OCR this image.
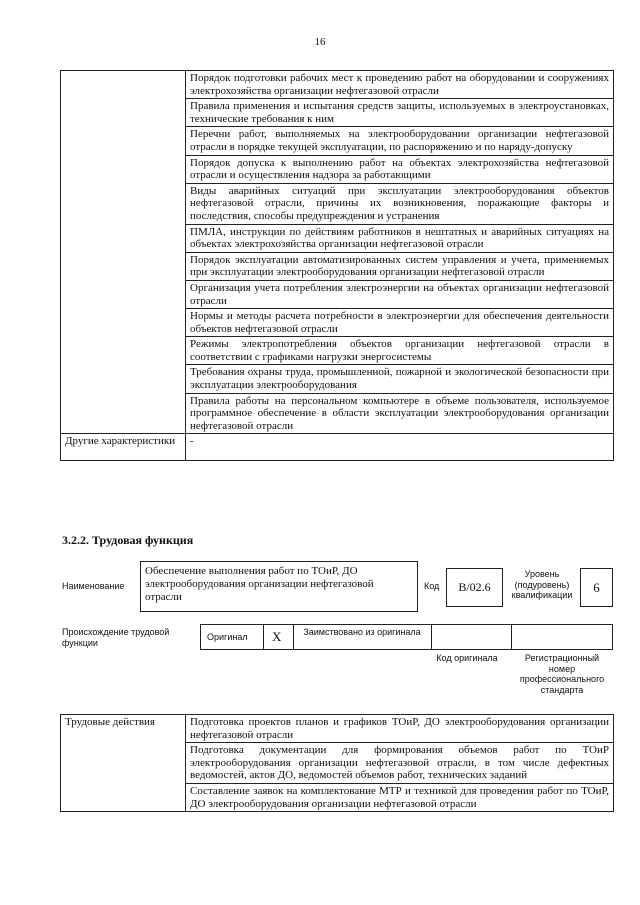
16
	Порядок подготовки рабочих мест к проведению работ на оборудовании и сооружениях электрохозяйства организации нефтегазовой отрасли
	Правила применения и испытания средств защиты, используемых в электроустановках, технические требования к ним
	Перечни работ, выполняемых на электрооборудовании организации нефтегазовой отрасли в порядке текущей эксплуатации, по распоряжению и по наряду-допуску
	Порядок допуска к выполнению работ на объектах электрохозяйства нефтегазовой отрасли и осуществления надзора за работающими
	Виды аварийных ситуаций при эксплуатации электрооборудования объектов нефтегазовой отрасли, причины их возникновения, поражающие факторы и последствия, способы предупреждения и устранения
	ПМЛА, инструкции по действиям работников в нештатных и аварийных ситуациях на объектах электрохозяйства организации нефтегазовой отрасли
	Порядок эксплуатации автоматизированных систем управления и учета, применяемых при эксплуатации электрооборудования организации нефтегазовой отрасли
	Организация учета потребления электроэнергии на объектах организации нефтегазовой отрасли
	Нормы и методы расчета потребности в электроэнергии для обеспечения деятельности объектов нефтегазовой отрасли
	Режимы электропотребления объектов организации нефтегазовой отрасли в соответствии с графиками нагрузки энергосистемы
	Требования охраны труда, промышленной, пожарной и экологической безопасности при эксплуатации электрооборудования
	Правила работы на персональном компьютере в объеме пользователя, используемое программное обеспечение в области эксплуатации электрооборудования организации нефтегазовой отрасли
Другие характеристики	-
3.2.2. Трудовая функция
Наименование
Обеспечение выполнения работ по ТОиР, ДО электрооборудования организации нефтегазовой отрасли
Код	B/02.6
Уровень (подуровень) квалификации
6
Происхождение трудовой функции
Оригинал X	Заимствовано из оригинала
Код оригинала	Регистрационный номер профессионального стандарта
Трудовые действия	Подготовка проектов планов и графиков ТОиР, ДО электрооборудования организации нефтегазовой отрасли
Подготовка документации для формирования объемов работ по ТОиР электрооборудования организации нефтегазовой отрасли, в том числе дефектных ведомостей, актов ДО, ведомостей объемов работ, технических заданий
Составление заявок на комплектование МТР и техникой для проведения работ по ТОиР, ДО электрооборудования организации нефтегазовой отрасли
